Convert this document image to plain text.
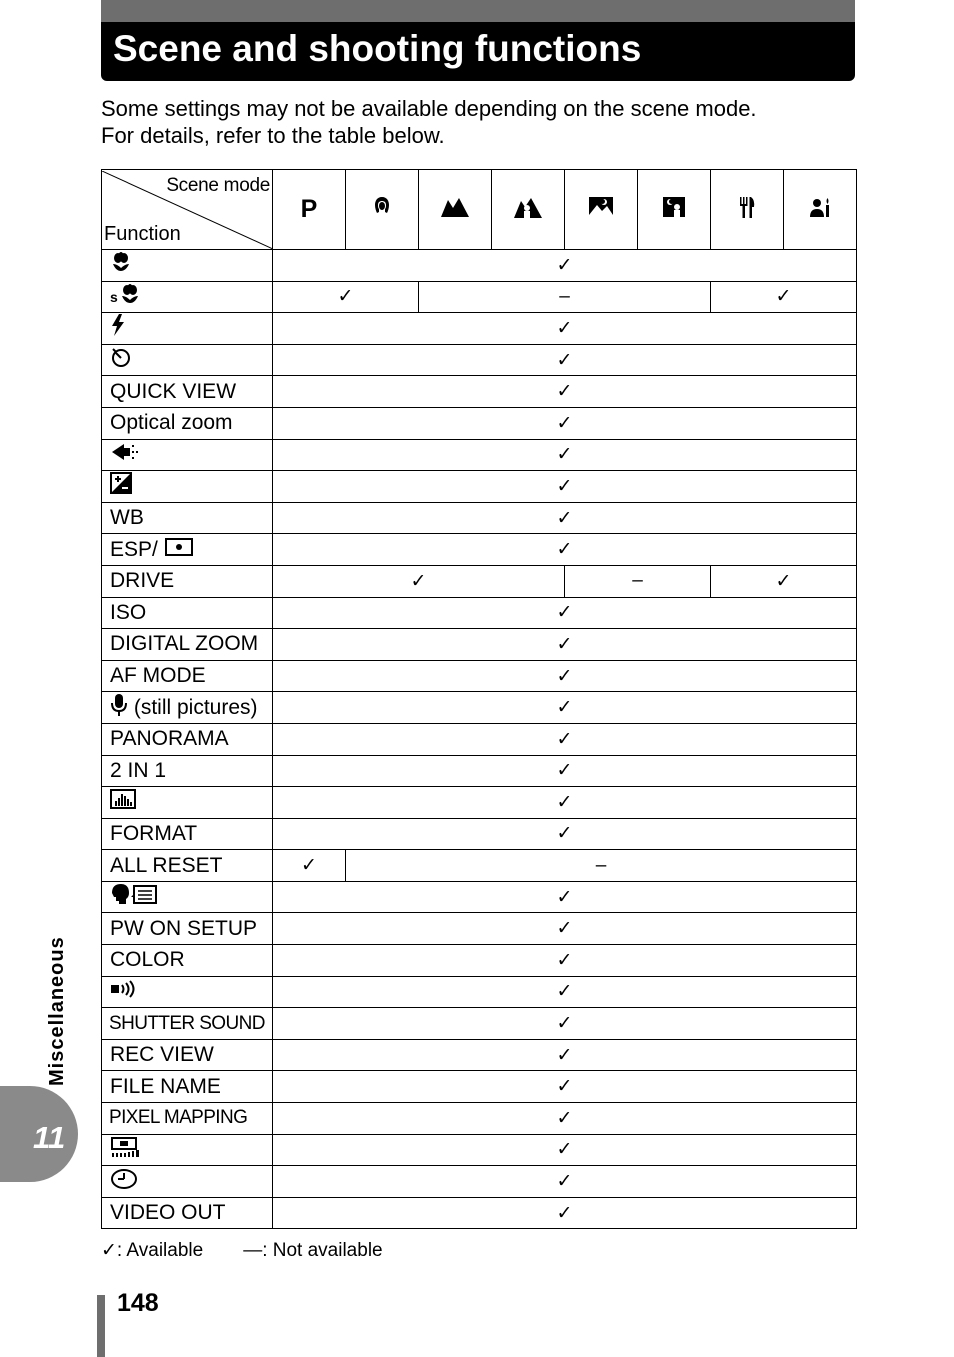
Scene and shooting functions
Some settings may not be available depending on the scene mode.
For details, refer to the table below.
Scene mode
Function	P

	✓							

s	✓		–				✓	
	✓							
	✓							
QUICK VIEW	✓							
Optical zoom	✓							
	✓							
	✓							
WB	✓							
ESP/	✓							
DRIVE	✓				–		✓	
ISO	✓							
DIGITAL ZOOM	✓							
AF MODE	✓							
(still pictures)	✓							
PANORAMA	✓							
2 IN 1	✓							
	✓							
FORMAT	✓							
ALL RESET	✓	–						
	✓							
PW ON SETUP	✓							
COLOR	✓							
	✓							
SHUTTER SOUND	✓							
REC VIEW	✓							
FILE NAME	✓							
PIXEL MAPPING	✓							
	✓							
	✓							
VIDEO OUT	✓							
✓: Available —: Not available
Miscellaneous
11
148
